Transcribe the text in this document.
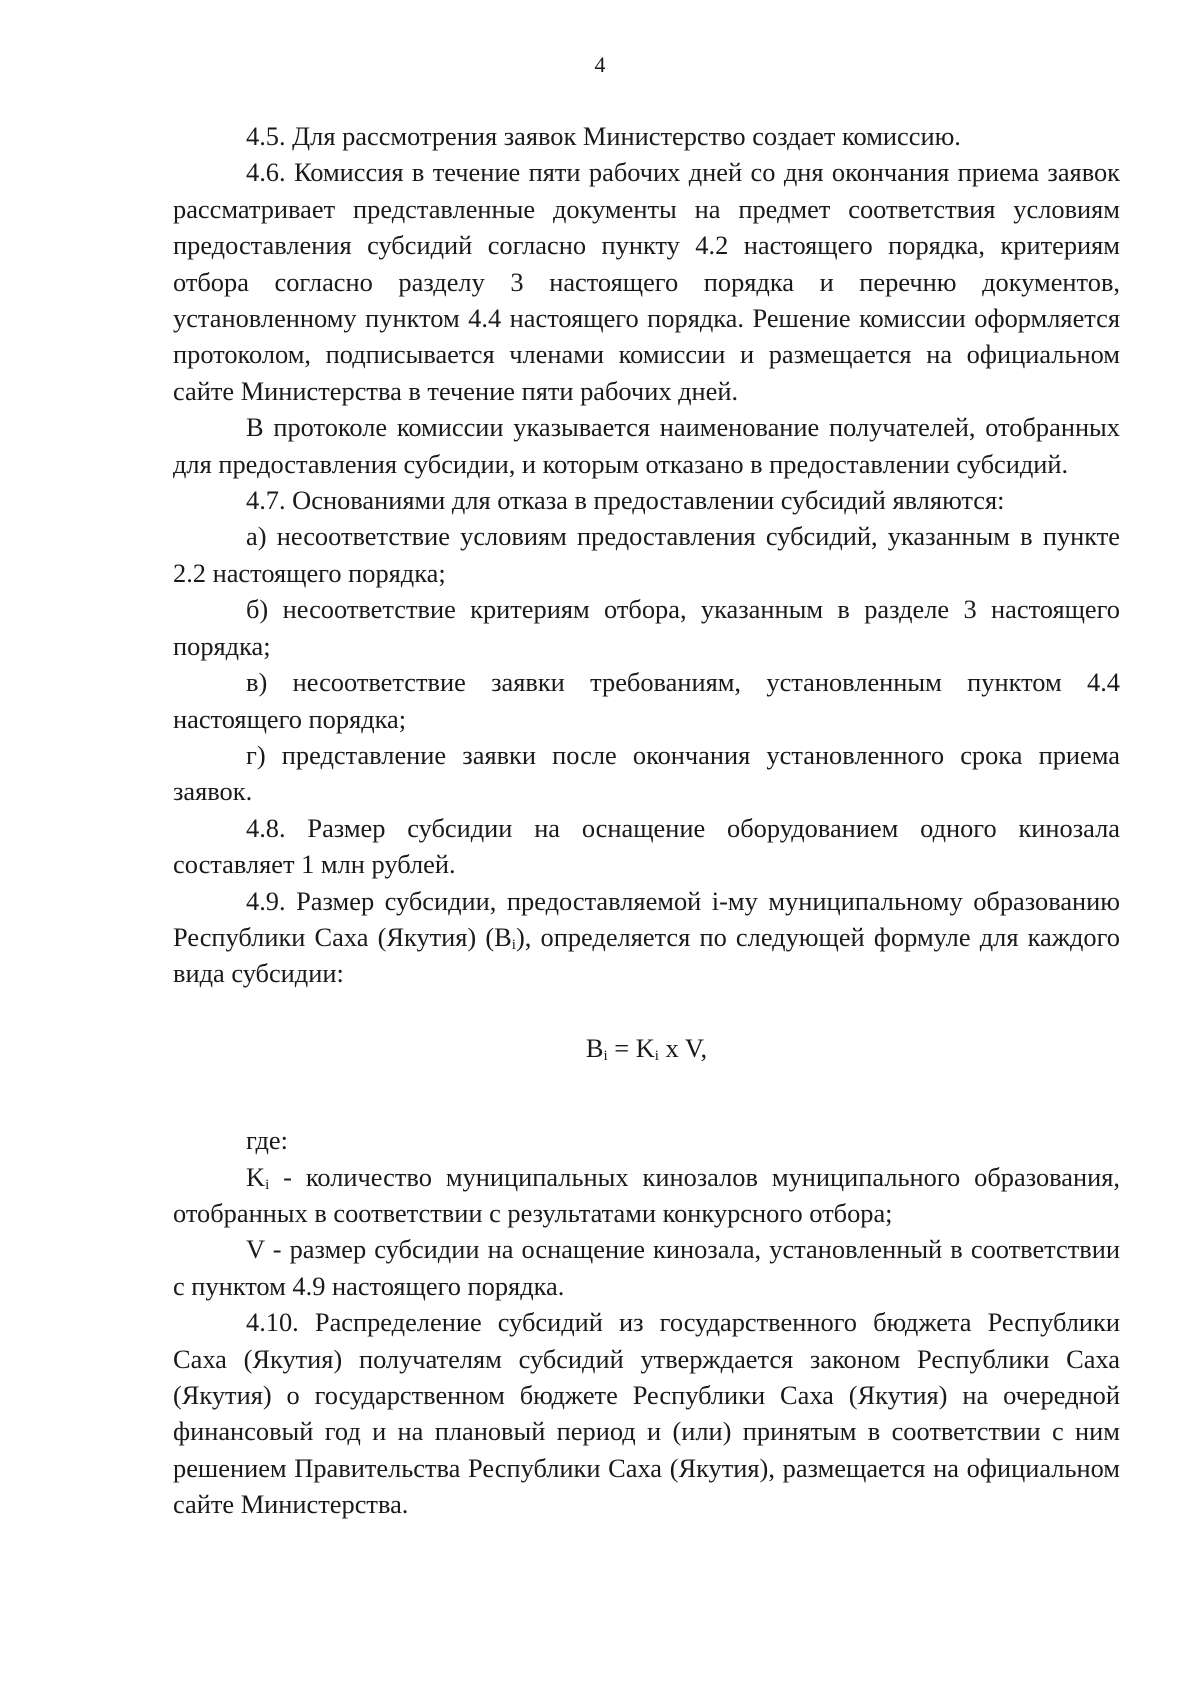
4

4.5. Для рассмотрения заявок Министерство создает комиссию.

4.6. Комиссия в течение пяти рабочих дней со дня окончания приема заявок рассматривает представленные документы на предмет соответствия условиям предоставления субсидий согласно пункту 4.2 настоящего порядка, критериям отбора согласно разделу 3 настоящего порядка и перечню документов, установленному пунктом 4.4 настоящего порядка. Решение комиссии оформляется протоколом, подписывается членами комиссии и размещается на официальном сайте Министерства в течение пяти рабочих дней.

В протоколе комиссии указывается наименование получателей, отобранных для предоставления субсидии, и которым отказано в предоставлении субсидий.

4.7. Основаниями для отказа в предоставлении субсидий являются:

а) несоответствие условиям предоставления субсидий, указанным в пункте 2.2 настоящего порядка;

б) несоответствие критериям отбора, указанным в разделе 3 настоящего порядка;

в) несоответствие заявки требованиям, установленным пунктом 4.4 настоящего порядка;

г) представление заявки после окончания установленного срока приема заявок.

4.8. Размер субсидии на оснащение оборудованием одного кинозала составляет 1 млн рублей.

4.9. Размер субсидии, предоставляемой i-му муниципальному образованию Республики Саха (Якутия) $(B_i)$, определяется по следующей формуле для каждого вида субсидии:

$B_i = K_i$ x V,

где:

$K_i$ - количество муниципальных кинозалов муниципального образования, отобранных в соответствии с результатами конкурсного отбора;

V - размер субсидии на оснащение кинозала, установленный в соответствии с пунктом 4.9 настоящего порядка.

4.10. Распределение субсидий из государственного бюджета Республики Саха (Якутия) получателям субсидий утверждается законом Республики Саха (Якутия) о государственном бюджете Республики Саха (Якутия) на очередной финансовый год и на плановый период и (или) принятым в соответствии с ним решением Правительства Республики Саха (Якутия), размещается на официальном сайте Министерства.
